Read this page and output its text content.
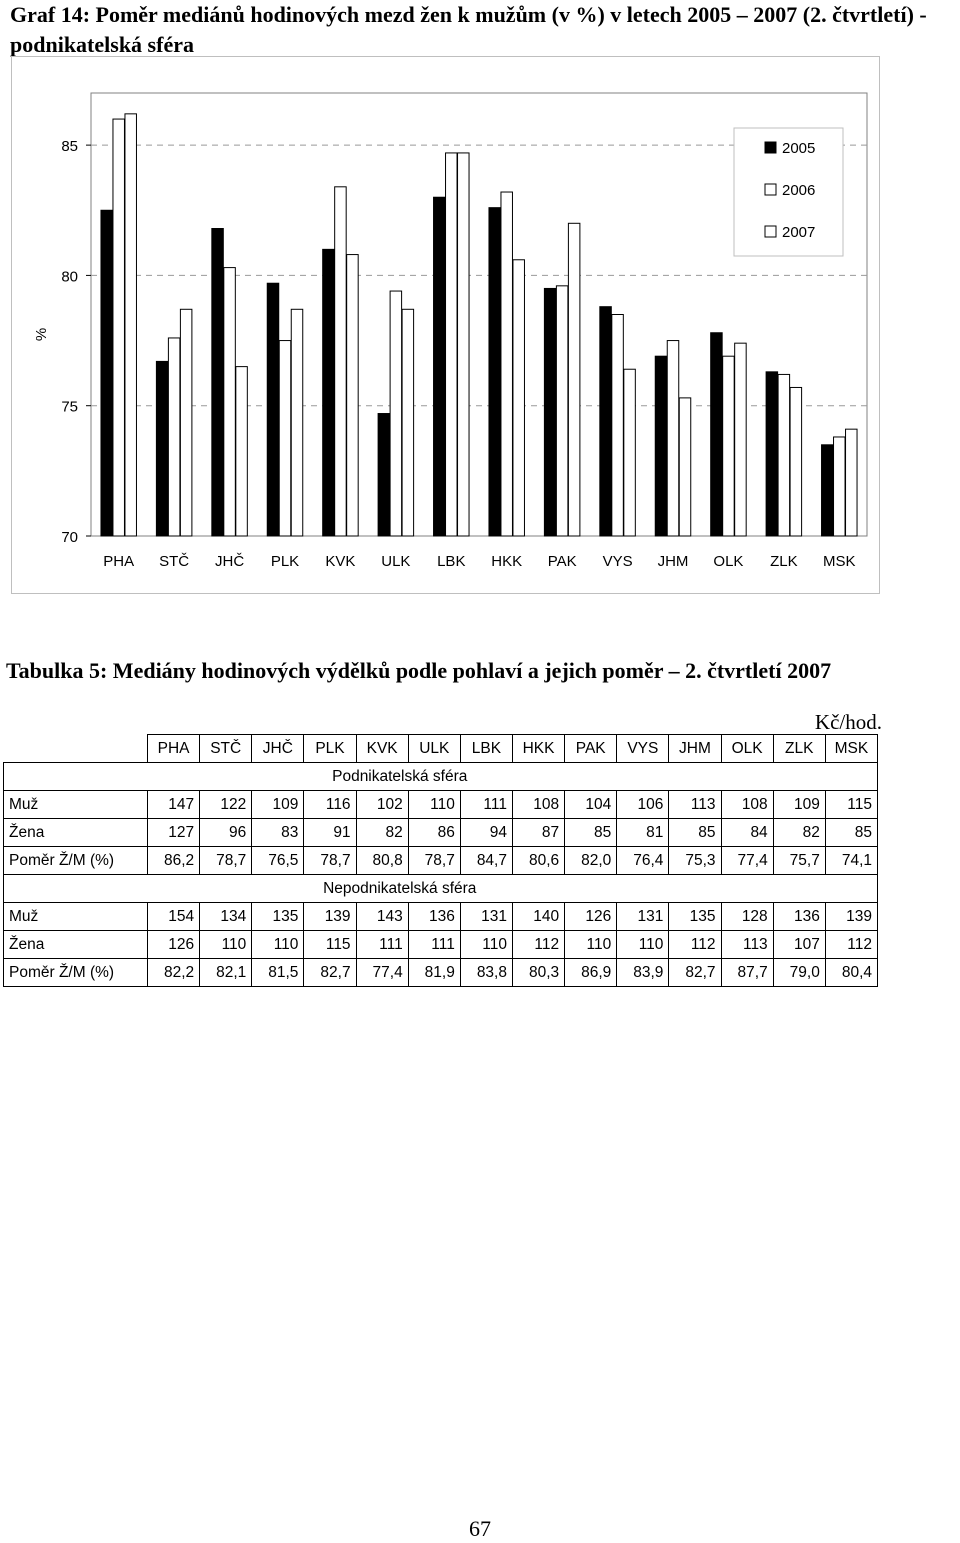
Graf 14: Poměr mediánů hodinových mezd žen k mužům (v %) v letech 2005 – 2007 (2. čtvrtletí) - podnikatelská sféra
70
75
80
85
%
PHA STČ JHČ PLK KVK ULK LBK HKK PAK VYS JHM OLK ZLK MSK
2005
2006
2007
Tabulka 5: Mediány hodinových výdělků podle pohlaví a jejich poměr – 2. čtvrtletí 2007
Kč/hod.
	PHA	STČ	JHČ	PLK	KVK	ULK	LBK	HKK	PAK	VYS	JHM	OLK	ZLK	MSK
	Podnikatelská sféra													
Muž	147	122	109	116	102	110	111	108	104	106	113	108	109	115
Žena	127	96	83	91	82	86	94	87	85	81	85	84	82	85
Poměr Ž/M (%)	86,2	78,7	76,5	78,7	80,8	78,7	84,7	80,6	82,0	76,4	75,3	77,4	75,7	74,1
	Nepodnikatelská sféra													
Muž	154	134	135	139	143	136	131	140	126	131	135	128	136	139
Žena	126	110	110	115	111	111	110	112	110	110	112	113	107	112
Poměr Ž/M (%)	82,2	82,1	81,5	82,7	77,4	81,9	83,8	80,3	86,9	83,9	82,7	87,7	79,0	80,4
67
